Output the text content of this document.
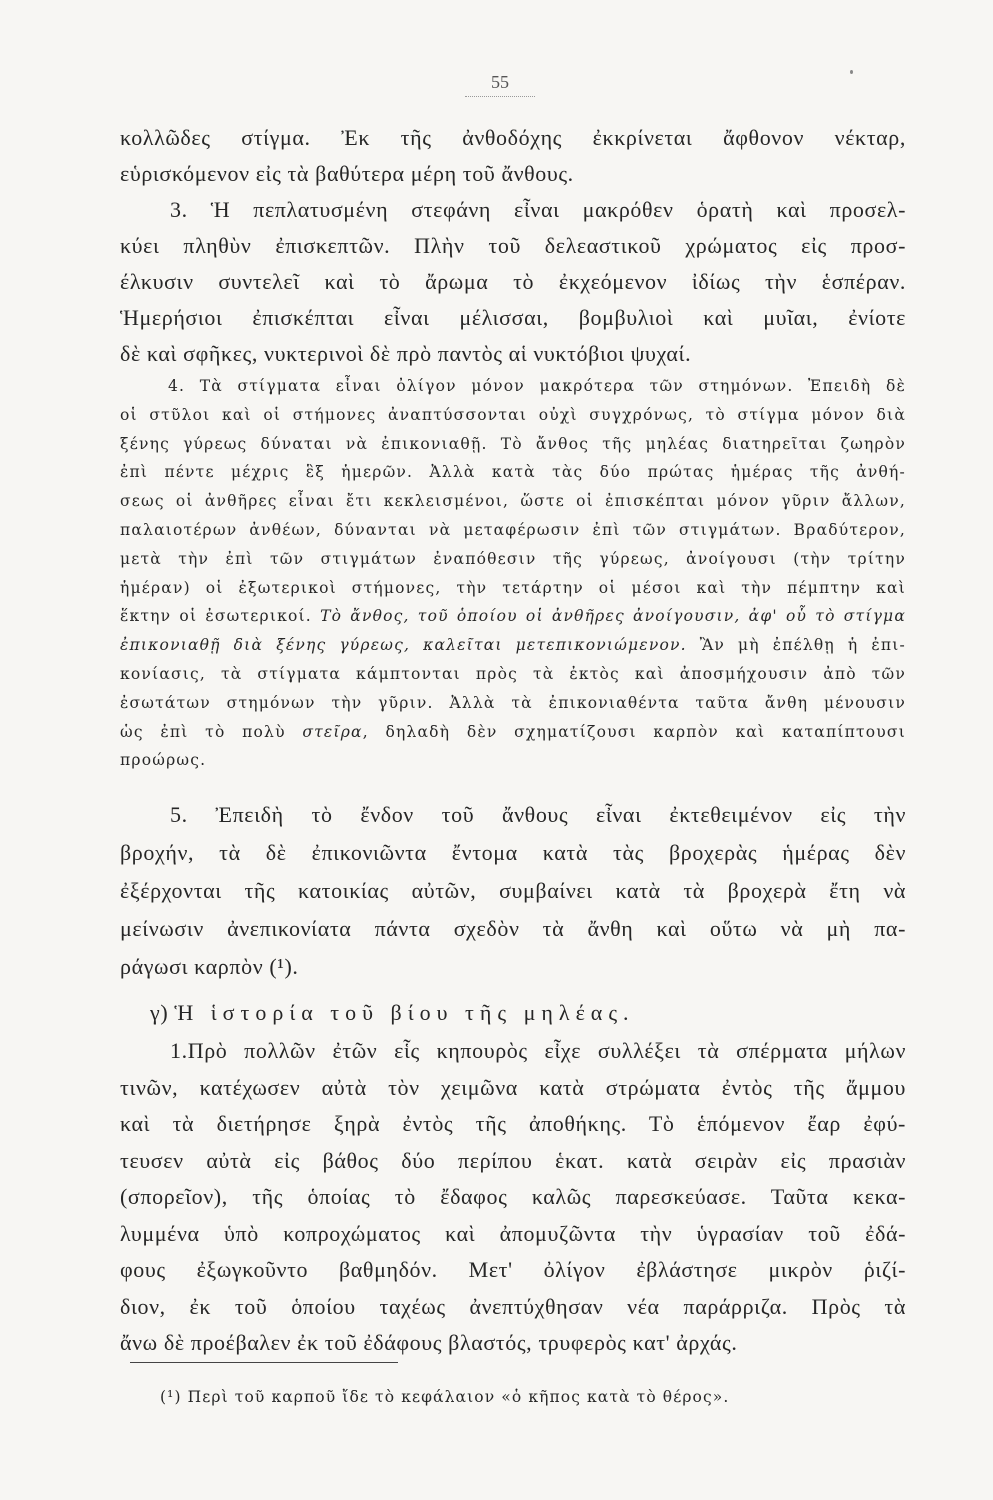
55
κολλῶδες στίγμα. Ἐκ τῆς ἀνθοδόχης ἐκκρίνεται ἄφθονον νέκταρ,
εὑρισκόμενον εἰς τὰ βαθύτερα μέρη τοῦ ἄνθους.
3. Ἡ πεπλατυσμένη στεφάνη εἶναι μακρόθεν ὁρατὴ καὶ προσελ-
κύει πληθὺν ἐπισκεπτῶν. Πλὴν τοῦ δελεαστικοῦ χρώματος εἰς προσ-
έλκυσιν συντελεῖ καὶ τὸ ἄρωμα τὸ ἐκχεόμενον ἰδίως τὴν ἑσπέραν.
Ἡμερήσιοι ἐπισκέπται εἶναι μέλισσαι, βομβυλιοὶ καὶ μυῖαι, ἐνίοτε
δὲ καὶ σφῆκες, νυκτερινοὶ δὲ πρὸ παντὸς αἱ νυκτόβιοι ψυχαί.
4. Τὰ στίγματα εἶναι ὀλίγον μόνον μακρότερα τῶν στημόνων. Ἐπειδὴ δὲ
οἱ στῦλοι καὶ οἱ στήμονες ἀναπτύσσονται οὐχὶ συγχρόνως, τὸ στίγμα μόνον διὰ
ξένης γύρεως δύναται νὰ ἐπικονιαθῇ. Τὸ ἄνθος τῆς μηλέας διατηρεῖται ζωηρὸν
ἐπὶ πέντε μέχρις ἓξ ἡμερῶν. Ἀλλὰ κατὰ τὰς δύο πρώτας ἡμέρας τῆς ἀνθή-
σεως οἱ ἀνθῆρες εἶναι ἔτι κεκλεισμένοι, ὥστε οἱ ἐπισκέπται μόνον γῦριν ἄλλων,
παλαιοτέρων ἀνθέων, δύνανται νὰ μεταφέρωσιν ἐπὶ τῶν στιγμάτων. Βραδύτερον,
μετὰ τὴν ἐπὶ τῶν στιγμάτων ἐναπόθεσιν τῆς γύρεως, ἀνοίγουσι (τὴν τρίτην
ἡμέραν) οἱ ἐξωτερικοὶ στήμονες, τὴν τετάρτην οἱ μέσοι καὶ τὴν πέμπτην καὶ
ἕκτην οἱ ἐσωτερικοί. Τὸ ἄνθος, τοῦ ὁποίου οἱ ἀνθῆρες ἀνοίγουσιν, ἀφ' οὗ τὸ στίγμα
ἐπικονιαθῇ διὰ ξένης γύρεως, καλεῖται μετεπικονιώμενον. Ἂν μὴ ἐπέλθῃ ἡ ἐπι-
κονίασις, τὰ στίγματα κάμπτονται πρὸς τὰ ἐκτὸς καὶ ἀποσμήχουσιν ἀπὸ τῶν
ἐσωτάτων στημόνων τὴν γῦριν. Ἀλλὰ τὰ ἐπικονιαθέντα ταῦτα ἄνθη μένουσιν
ὡς ἐπὶ τὸ πολὺ στεῖρα, δηλαδὴ δὲν σχηματίζουσι καρπὸν καὶ καταπίπτουσι
προώρως.
5. Ἐπειδὴ τὸ ἔνδον τοῦ ἄνθους εἶναι ἐκτεθειμένον εἰς τὴν
βροχήν, τὰ δὲ ἐπικονιῶντα ἔντομα κατὰ τὰς βροχερὰς ἡμέρας δὲν
ἐξέρχονται τῆς κατοικίας αὐτῶν, συμβαίνει κατὰ τὰ βροχερὰ ἔτη νὰ
μείνωσιν ἀνεπικονίατα πάντα σχεδὸν τὰ ἄνθη καὶ οὕτω νὰ μὴ πα-
ράγωσι καρπὸν (¹).
γ) Ἡ ἱστορία τοῦ βίου τῆς μηλέας.
1.Πρὸ πολλῶν ἐτῶν εἷς κηπουρὸς εἶχε συλλέξει τὰ σπέρματα μήλων
τινῶν, κατέχωσεν αὐτὰ τὸν χειμῶνα κατὰ στρώματα ἐντὸς τῆς ἄμμου
καὶ τὰ διετήρησε ξηρὰ ἐντὸς τῆς ἀποθήκης. Τὸ ἑπόμενον ἔαρ ἐφύ-
τευσεν αὐτὰ εἰς βάθος δύο περίπου ἑκατ. κατὰ σειρὰν εἰς πρασιὰν
(σπορεῖον), τῆς ὁποίας τὸ ἔδαφος καλῶς παρεσκεύασε. Ταῦτα κεκα-
λυμμένα ὑπὸ κοπροχώματος καὶ ἀπομυζῶντα τὴν ὑγρασίαν τοῦ ἐδά-
φους ἐξωγκοῦντο βαθμηδόν. Μετ' ὀλίγον ἐβλάστησε μικρὸν ῥιζί-
διον, ἐκ τοῦ ὁποίου ταχέως ἀνεπτύχθησαν νέα παράρριζα. Πρὸς τὰ
ἄνω δὲ προέβαλεν ἐκ τοῦ ἐδάφους βλαστός, τρυφερὸς κατ' ἀρχάς.
(¹) Περὶ τοῦ καρποῦ ἴδε τὸ κεφάλαιον «ὁ κῆπος κατὰ τὸ θέρος».
